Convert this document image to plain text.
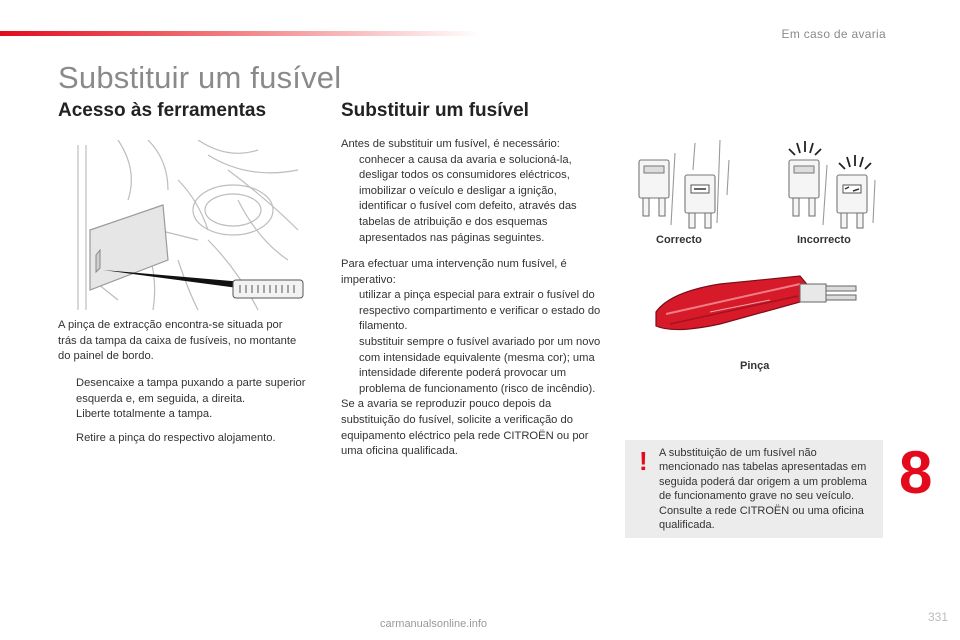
Em caso de avaria
Substituir um fusível
Acesso às ferramentas

A pinça de extracção encontra-se situada por trás da tampa da caixa de fusíveis, no montante do painel de bordo.

Desencaixe a tampa puxando a parte superior esquerda e, em seguida, a direita.
Liberte totalmente a tampa.
Retire a pinça do respectivo alojamento.
Substituir um fusível

Antes de substituir um fusível, é necessário:

conhecer a causa da avaria e solucioná-la,
desligar todos os consumidores eléctricos,
imobilizar o veículo e desligar a ignição,
identificar o fusível com defeito, através das tabelas de atribuição e dos esquemas apresentados nas páginas seguintes.

Para efectuar uma intervenção num fusível, é imperativo:

utilizar a pinça especial para extrair o fusível do respectivo compartimento e verificar o estado do filamento.
substituir sempre o fusível avariado por um novo com intensidade equivalente (mesma cor); uma intensidade diferente poderá provocar um problema de funcionamento (risco de incêndio).

Se a avaria se reproduzir pouco depois da substituição do fusível, solicite a verificação do equipamento eléctrico pela rede CITROËN ou por uma oficina qualificada.

Correcto	Incorrecto
Pinça
! A substituição de um fusível não mencionado nas tabelas apresentadas em seguida poderá dar origem a um problema de funcionamento grave no seu veículo. Consulte a rede CITROËN ou uma oficina qualificada.
8
331
carmanualsonline.info
